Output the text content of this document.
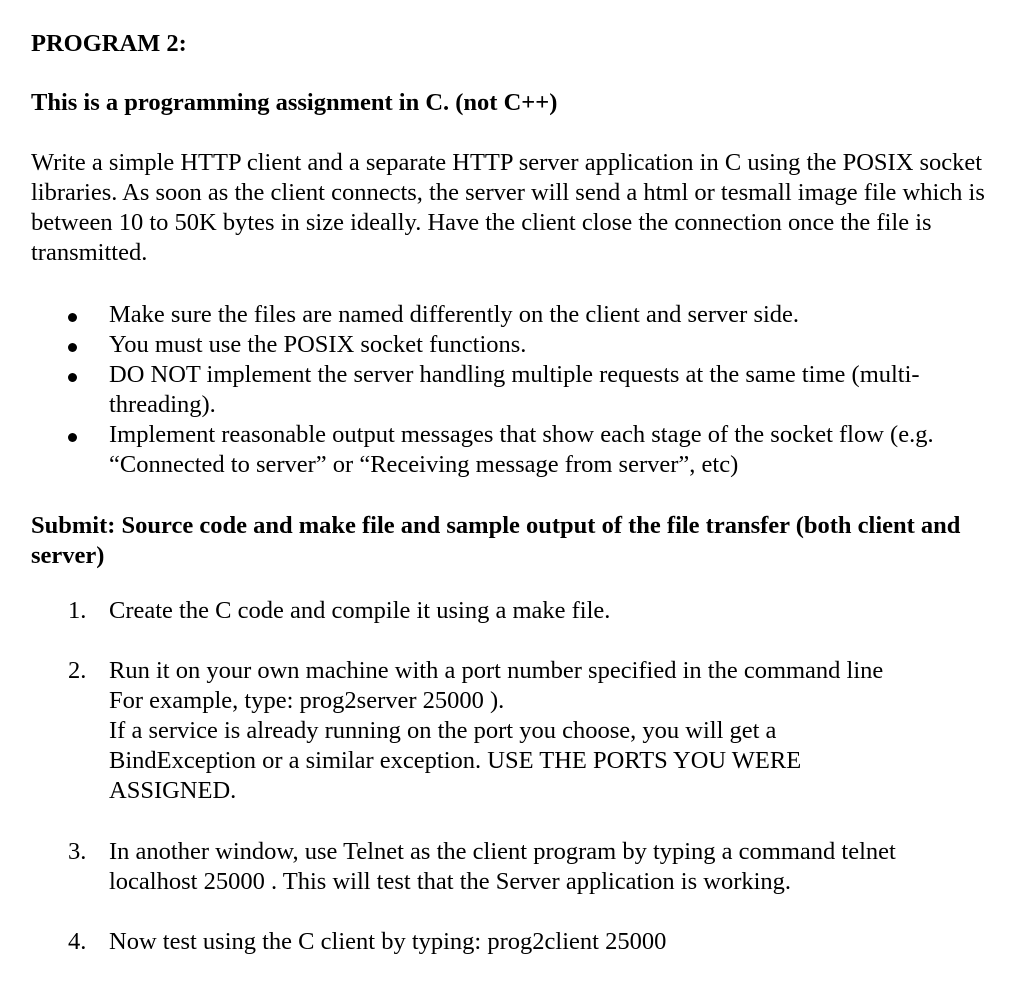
PROGRAM 2:

This is a programming assignment in C. (not C++)

Write a simple HTTP client and a separate HTTP server application in C using the POSIX socket libraries. As soon as the client connects, the server will send a html or tesmall image file which is between 10 to 50K bytes in size ideally. Have the client close the connection once the file is transmitted.

Make sure the files are named differently on the client and server side.
You must use the POSIX socket functions.
DO NOT implement the server handling multiple requests at the same time (multi-threading).
Implement reasonable output messages that show each stage of the socket flow (e.g. “Connected to server” or “Receiving message from server”, etc)

Submit: Source code and make file and sample output of the file transfer (both client and server)

1. Create the C code and compile it using a make file.
2. Run it on your own machine with a port number specified in the command line
For example, type: prog2server 25000 ).
If a service is already running on the port you choose, you will get a
BindException or a similar exception. USE THE PORTS YOU WERE
ASSIGNED.
3. In another window, use Telnet as the client program by typing a command telnet
localhost 25000 . This will test that the Server application is working.
4. Now test using the C client by typing: prog2client 25000
